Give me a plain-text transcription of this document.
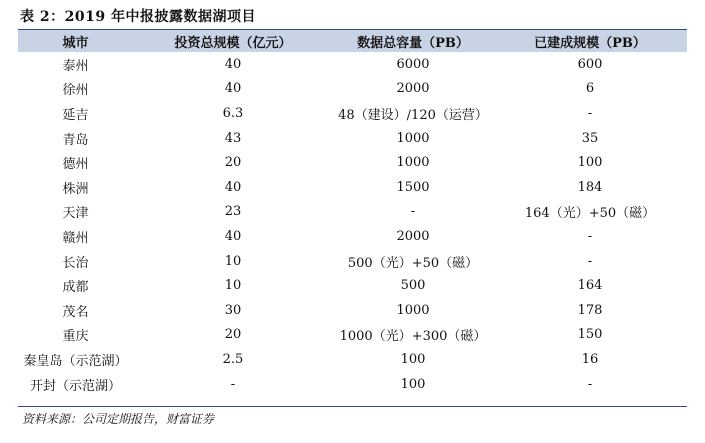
表 2：2019 年中报披露数据湖项目
城市	投资总规模（亿元）	数据总容量（PB）	已建成规模（PB）
泰州	40	6000	600
徐州	40	2000	6
延吉	6.3	48（建设）/120（运营）	-
青岛	43	1000	35
德州	20	1000	100
株洲	40	1500	184
天津	23	-	164（光）+50（磁）
赣州	40	2000	-
长治	10	500（光）+50（磁）	-
成都	10	500	164
茂名	30	1000	178
重庆	20	1000（光）+300（磁）	150
秦皇岛（示范湖）	2.5	100	16
开封（示范湖）	-	100	-
资料来源：公司定期报告，财富证券
